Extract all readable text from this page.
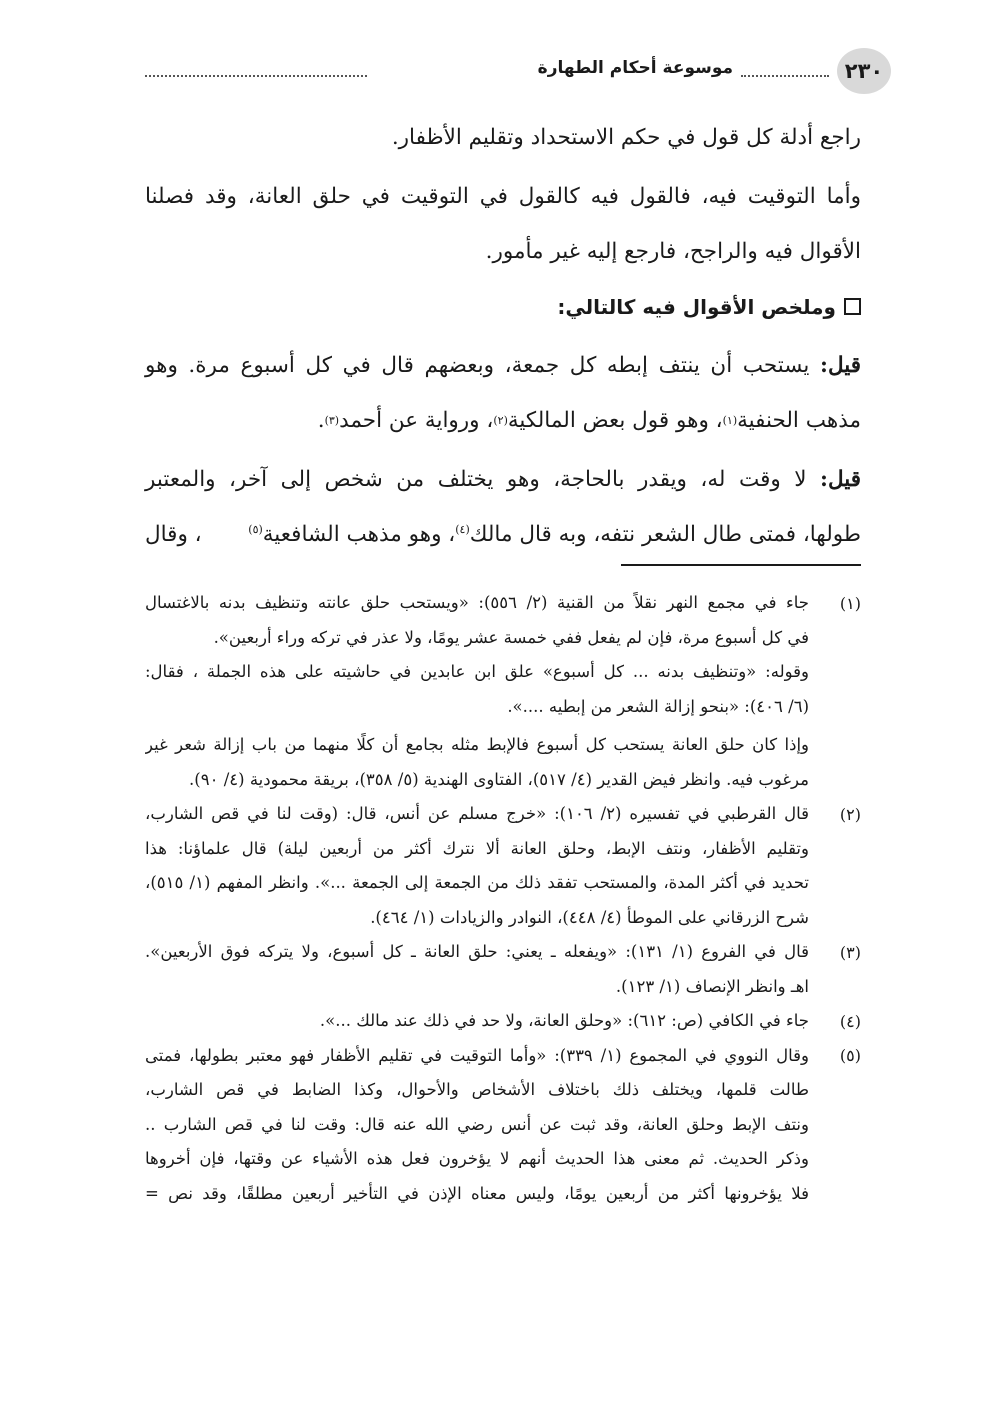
٢٣٠
موسوعة أحكام الطهارة
راجع أدلة كل قول في حكم الاستحداد وتقليم الأظفار.
وأما التوقيت فيه، فالقول فيه كالقول في التوقيت في حلق العانة، وقد فصلنا
الأقوال فيه والراجح، فارجع إليه غير مأمور.
وملخص الأقوال فيه كالتالي:
قيل: يستحب أن ينتف إبطه كل جمعة، وبعضهم قال في كل أسبوع مرة. وهو
مذهب الحنفية
(١)
، وهو قول بعض المالكية
(٢)
، ورواية عن أحمد
(٣)
.
قيل: لا وقت له، ويقدر بالحاجة، وهو يختلف من شخص إلى آخر، والمعتبر
طولها، فمتى طال الشعر نتفه، وبه قال مالك$^{(٤)}$، وهو مذهب الشافعية$^{(٥)}$
، وقال
(١)
جاء في مجمع النهر نقلاً من القنية (٢/ ٥٥٦): «ويستحب حلق عانته وتنظيف بدنه بالاغتسال
في كل أسبوع مرة، فإن لم يفعل ففي خمسة عشر يومًا، ولا عذر في تركه وراء أربعين».
وقوله: «وتنظيف بدنه ... كل أسبوع» علق ابن عابدين في حاشيته على هذه الجملة ، فقال:
(٦/ ٤٠٦): «بنحو إزالة الشعر من إبطيه ....».
وإذا كان حلق العانة يستحب كل أسبوع فالإبط مثله بجامع أن كلًا منهما من باب إزالة شعر غير
مرغوب فيه. وانظر فيض القدير (٤/ ٥١٧)، الفتاوى الهندية (٥/ ٣٥٨)، بريقة محمودية (٤/ ٩٠).
(٢)
قال القرطبي في تفسيره (٢/ ١٠٦): «خرج مسلم عن أنس، قال: (وقت لنا في قص الشارب،
وتقليم الأظفار، ونتف الإبط، وحلق العانة ألا نترك أكثر من أربعين ليلة) قال علماؤنا: هذا
تحديد في أكثر المدة، والمستحب تفقد ذلك من الجمعة إلى الجمعة ...». وانظر المفهم (١/ ٥١٥)،
شرح الزرقاني على الموطأ (٤/ ٤٤٨)، النوادر والزيادات (١/ ٤٦٤).
(٣)
قال في الفروع (١/ ١٣١): «ويفعله ـ يعني: حلق العانة ـ كل أسبوع، ولا يتركه فوق الأربعين».
اهـ وانظر الإنصاف (١/ ١٢٣).
(٤)
جاء في الكافي (ص: ٦١٢): «وحلق العانة، ولا حد في ذلك عند مالك ...».
(٥)
وقال النووي في المجموع (١/ ٣٣٩): «وأما التوقيت في تقليم الأظفار فهو معتبر بطولها، فمتى
طالت قلمها، ويختلف ذلك باختلاف الأشخاص والأحوال، وكذا الضابط في قص الشارب،
ونتف الإبط وحلق العانة، وقد ثبت عن أنس رضي الله عنه قال: وقت لنا في قص الشارب ..
وذكر الحديث. ثم معنى هذا الحديث أنهم لا يؤخرون فعل هذه الأشياء عن وقتها، فإن أخروها
فلا يؤخرونها أكثر من أربعين يومًا، وليس معناه الإذن في التأخير أربعين مطلقًا، وقد نص =
